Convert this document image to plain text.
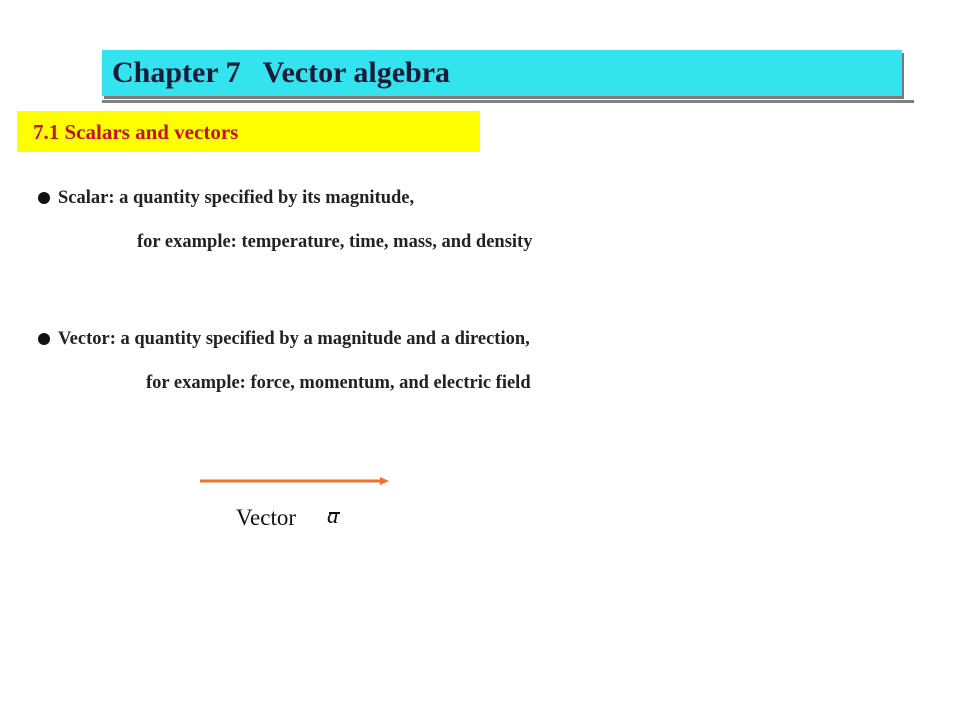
Chapter 7   Vector algebra
7.1 Scalars and vectors
Scalar: a quantity specified by its magnitude,
for example: temperature, time, mass, and density
Vector: a quantity specified by a magnitude and a direction,
for example: force, momentum, and electric field
Vector a
